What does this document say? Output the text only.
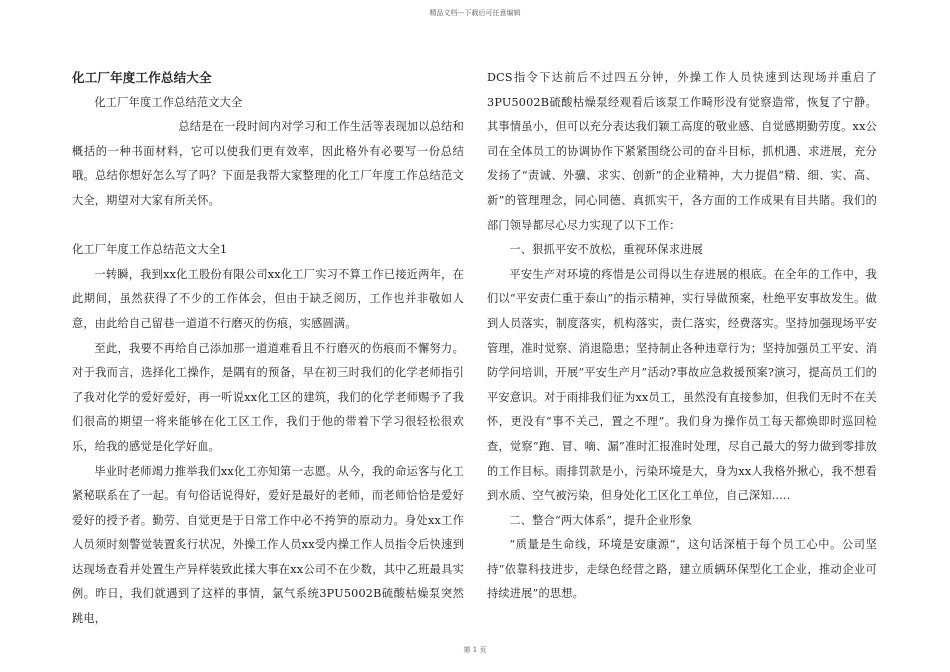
精品文档---下载后可任意编辑

化工厂年度工作总结大全

化工厂年度工作总结范文大全

总结是在一段时间内对学习和工作生活等表现加以总结和概括的一种书面材料，它可以使我们更有效率，因此格外有必要写一份总结哦。总结你想好怎么写了吗？下面是我帮大家整理的化工厂年度工作总结范文大全，期望对大家有所关怀。

化工厂年度工作总结范文大全1

一转瞬，我到xx化工股份有限公司xx化工厂实习不算工作已接近两年，在此期间，虽然获得了不少的工作体会，但由于缺乏阅历，工作也并非敬如人意，由此给自己留巷一道道不行磨灭的伤痕，实感圆满。

至此，我要不再给自己添加那一道道难看且不行磨灭的伤痕而不懈努力。对于我而言，选择化工操作，是隅有的预备，早在初三时我们的化学老师指引了我对化学的爱好爱好，再一听说xx化工区的建筑，我们的化学老师赐予了我们很高的期望一将来能够在化工区工作，我们于他的带着下学习很轻松很欢乐，给我的感觉是化学好血。

毕业时老师竭力推举我们xx化工亦知第一志愿。从今，我的命运客与化工紧秘联系在了一起。有句俗话说得好，爱好是最好的老师，而老师恰恰是爱好爱好的授予者。勤劳、自觉更是于日常工作中必不挎笋的原动力。身处xx工作人员须时刻警觉装置炙行状况，外操工作人员xx受内操工作人员指令后快速到达现场查看并处置生产异样装致此揉大事在xx公司不在少数，其中乙班最具实例。昨日，我们就遇到了这样的事情，氯气系统3PU5002B硫酸枯燥泵突然跳电，

DCS指令下达前后不过四五分钟，外操工作人员快速到达现场并重启了3PU5002B硫酸枯燥泵经观看后该泵工作畸形没有觉察造常，恢复了宁静。其事情虽小，但可以充分表达我们颖工高度的敬业感、自觉感期勤劳度。xx公司在全体员工的协调协作下紧紧围绕公司的奋斗目标，抓机遇、求进展，充分发扬了“责诚、外骥、求实、创新”的企业精神，大力提倡“精、细、实、高、新”的管理理念，同心同德、真抓实干，各方面的工作成果有目共睹。我们的部门领导都尽心尽力实现了以下工作：

一、狠抓平安不放松，重视环保求进展

平安生产对环境的疼惜是公司得以生存进展的根底。在全年的工作中，我们以“平安责仁重于泰山”的指示精神，实行导做预案，杜绝平安事故发生。做到人员落实，制度落实，机构落实，责仁落实，经费落实。坚持加强现场平安管理，准时觉察、消退隐患；坚持制止各种违章行为；坚持加强员工平安、消防学问培训，开展“平安生产月”活动?事故应急救援预案?演习，提高员工们的平安意识。对于雨排我们征为xx员工，虽然没有直接参加，但我们无时不在关怀，更没有“事不关己，置之不理”。我们身为操作员工每天都焕即时巡回检查，觉察“跑、冒、嘀、漏”准时汇报准时处理，尽自己最大的努力做到零排放的工作目标。雨排罚款是小，污染环境是大，身为xx人我格外揪心，我不想看到水质、空气被污染，但身处化工区化工单位，自己深知.....

二、整合“两大体系”，提升企业形象

“质量是生命线，环境是安康源”，这句话深植于每个员工心中。公司坚持“依靠科技进步，走绿色经营之路，建立质辆环保型化工企业，推动企业可持续进展”的思想。

第 1 页
